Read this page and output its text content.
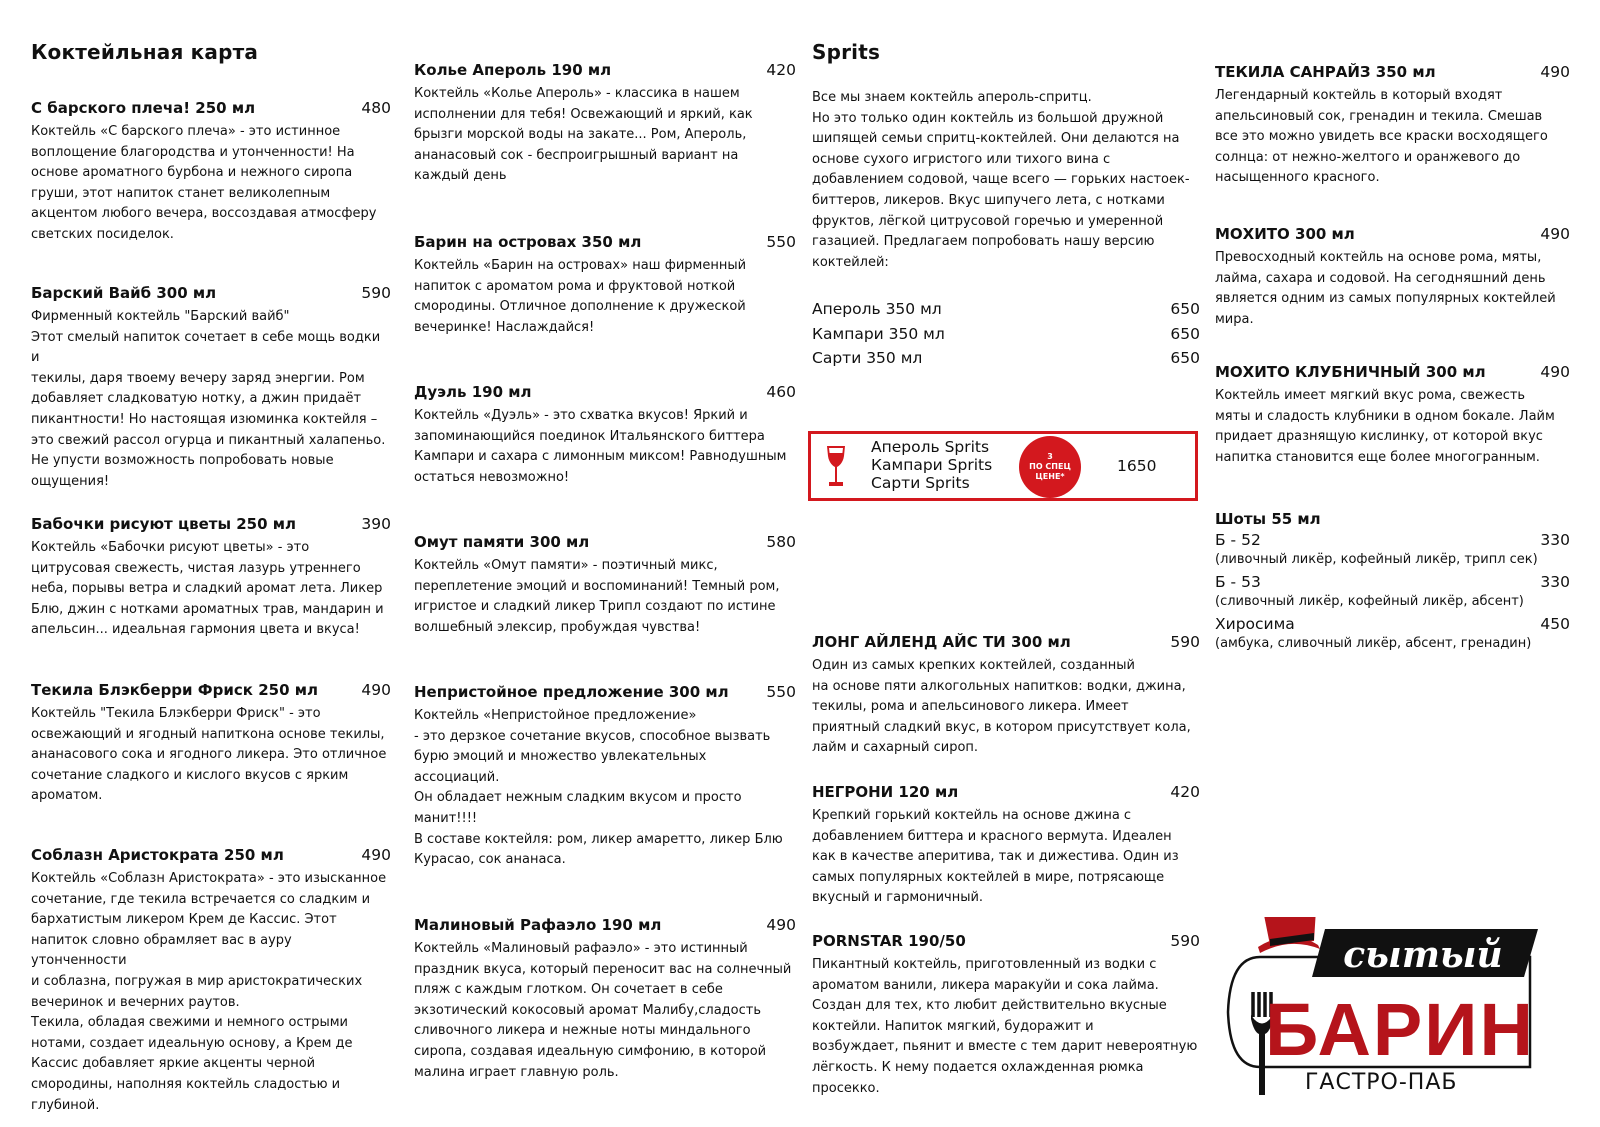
Коктейльная карта
С барского плеча! 250 мл	480
Коктейль «С барского плеча» - это истинное
воплощение благородства и утонченности! На
основе ароматного бурбона и нежного сиропа
груши, этот напиток станет великолепным
акцентом любого вечера, воссоздавая атмосферу
светских посиделок.
Барский Вайб 300 мл	590
Фирменный коктейль "Барский вайб"
Этот смелый напиток сочетает в себе мощь водки и
текилы, даря твоему вечеру заряд энергии. Ром
добавляет сладковатую нотку, а джин придаёт
пикантности! Но настоящая изюминка коктейля –
это свежий рассол огурца и пикантный халапеньо.
Не упусти возможность попробовать новые
ощущения!
Бабочки рисуют цветы 250 мл	390
Коктейль «Бабочки рисуют цветы» - это
цитрусовая свежесть, чистая лазурь утреннего
неба, порывы ветра и сладкий аромат лета. Ликер
Блю, джин с нотками ароматных трав, мандарин и
апельсин... идеальная гармония цвета и вкуса!
Текила Блэкберри Фриск 250 мл	490
Коктейль "Текила Блэкберри Фриск" - это
освежающий и ягодный напиткона основе текилы,
ананасового сока и ягодного ликера. Это отличное
сочетание сладкого и кислого вкусов с ярким
ароматом.
Соблазн Аристократа 250 мл	490
Коктейль «Соблазн Аристократа» - это изысканное
сочетание, где текила встречается со сладким и
бархатистым ликером Крем де Кассис. Этот
напиток словно обрамляет вас в ауру утонченности
и соблазна, погружая в мир аристократических
вечеринок и вечерних раутов.
Текила, обладая свежими и немного острыми
нотами, создает идеальную основу, а Крем де
Кассис добавляет яркие акценты черной
смородины, наполняя коктейль сладостью и
глубиной.
Колье Апероль 190 мл	420
Коктейль «Колье Апероль» - классика в нашем
исполнении для тебя! Освежающий и яркий, как
брызги морской воды на закате... Ром, Апероль,
ананасовый сок - беспроигрышный вариант на
каждый день
Барин на островах 350 мл	550
Коктейль «Барин на островах» наш фирменный
напиток с ароматом рома и фруктовой ноткой
смородины. Отличное дополнение к дружеской
вечеринке! Наслаждайся!
Дуэль 190 мл	460
Коктейль «Дуэль» - это схватка вкусов! Яркий и
запоминающийся поединок Итальянского биттера
Кампари и сахара с лимонным миксом! Равнодушным
остаться невозможно!
Омут памяти 300 мл	580
Коктейль «Омут памяти» - поэтичный микс,
переплетение эмоций и воспоминаний! Темный ром,
игристое и сладкий ликер Трипл создают по истине
волшебный элексир, пробуждая чувства!
Непристойное предложение 300 мл 550
Коктейль «Непристойное предложение»
- это дерзкое сочетание вкусов, способное вызвать
бурю эмоций и множество увлекательных
ассоциаций.
Он обладает нежным сладким вкусом и просто
манит!!!!
В составе коктейля: ром, ликер амаретто, ликер Блю
Курасао, сок ананаса.
Малиновый Рафаэло 190 мл	490
Коктейль «Малиновый рафаэло» - это истинный
праздник вкуса, который переносит вас на солнечный
пляж с каждым глотком. Он сочетает в себе
экзотический кокосовый аромат Малибу,сладость
сливочного ликера и нежные ноты миндального
сиропа, создавая идеальную симфонию, в которой
малина играет главную роль.
Sprits
Все мы знаем коктейль апероль-спритц.
Но это только один коктейль из большой дружной
шипящей семьи спритц-коктейлей. Они делаются на
основе сухого игристого или тихого вина с
добавлением содовой, чаще всего — горьких настоек-
биттеров, ликеров. Вкус шипучего лета, с нотками
фруктов, лёгкой цитрусовой горечью и умеренной
газацией. Предлагаем попробовать нашу версию
коктейлей:
Апероль 350 мл	650
Кампари 350 мл	650
Сарти 350 мл	650
Апероль Sprits
Кампари Sprits
Сарти Sprits
3
ПО СПЕЦ
ЦЕНЕ*
1650
ЛОНГ АЙЛЕНД АЙС ТИ 300 мл	590
Один из самых крепких коктейлей, созданный
на основе пяти алкогольных напитков: водки, джина,
текилы, рома и апельсинового ликера. Имеет
приятный сладкий вкус, в котором присутствует кола,
лайм и сахарный сироп.
НЕГРОНИ 120 мл	420
Крепкий горький коктейль на основе джина с
добавлением биттера и красного вермута. Идеален
как в качестве аперитива, так и дижестива. Один из
самых популярных коктейлей в мире, потрясающе
вкусный и гармоничный.
PORNSTAR 190/50	590
Пикантный коктейль, приготовленный из водки с
ароматом ванили, ликера маракуйи и сока лайма.
Создан для тех, кто любит действительно вкусные
коктейли. Напиток мягкий, будоражит и
возбуждает, пьянит и вместе с тем дарит невероятную
лёгкость. К нему подается охлажденная рюмка
просекко.
ТЕКИЛА САНРАЙЗ 350 мл	490
Легендарный коктейль в который входят
апельсиновый сок, гренадин и текила. Смешав
все это можно увидеть все краски восходящего
солнца: от нежно-желтого и оранжевого до
насыщенного красного.
МОХИТО 300 мл	490
Превосходный коктейль на основе рома, мяты,
лайма, сахара и содовой. На сегодняшний день
является одним из самых популярных коктейлей
мира.
МОХИТО КЛУБНИЧНЫЙ 300 мл	490
Коктейль имеет мягкий вкус рома, свежесть
мяты и сладость клубники в одном бокале. Лайм
придает дразнящую кислинку, от которой вкус
напитка становится еще более многогранным.
Шоты 55 мл
Б - 52	330
(ливочный ликёр, кофейный ликёр, трипл сек)
Б - 53	330
(сливочный ликёр, кофейный ликёр, абсент)
Хиросима	450
(амбука, сливочный ликёр, абсент, гренадин)
сытый
БАРИН
ГАСТРО-ПАБ
